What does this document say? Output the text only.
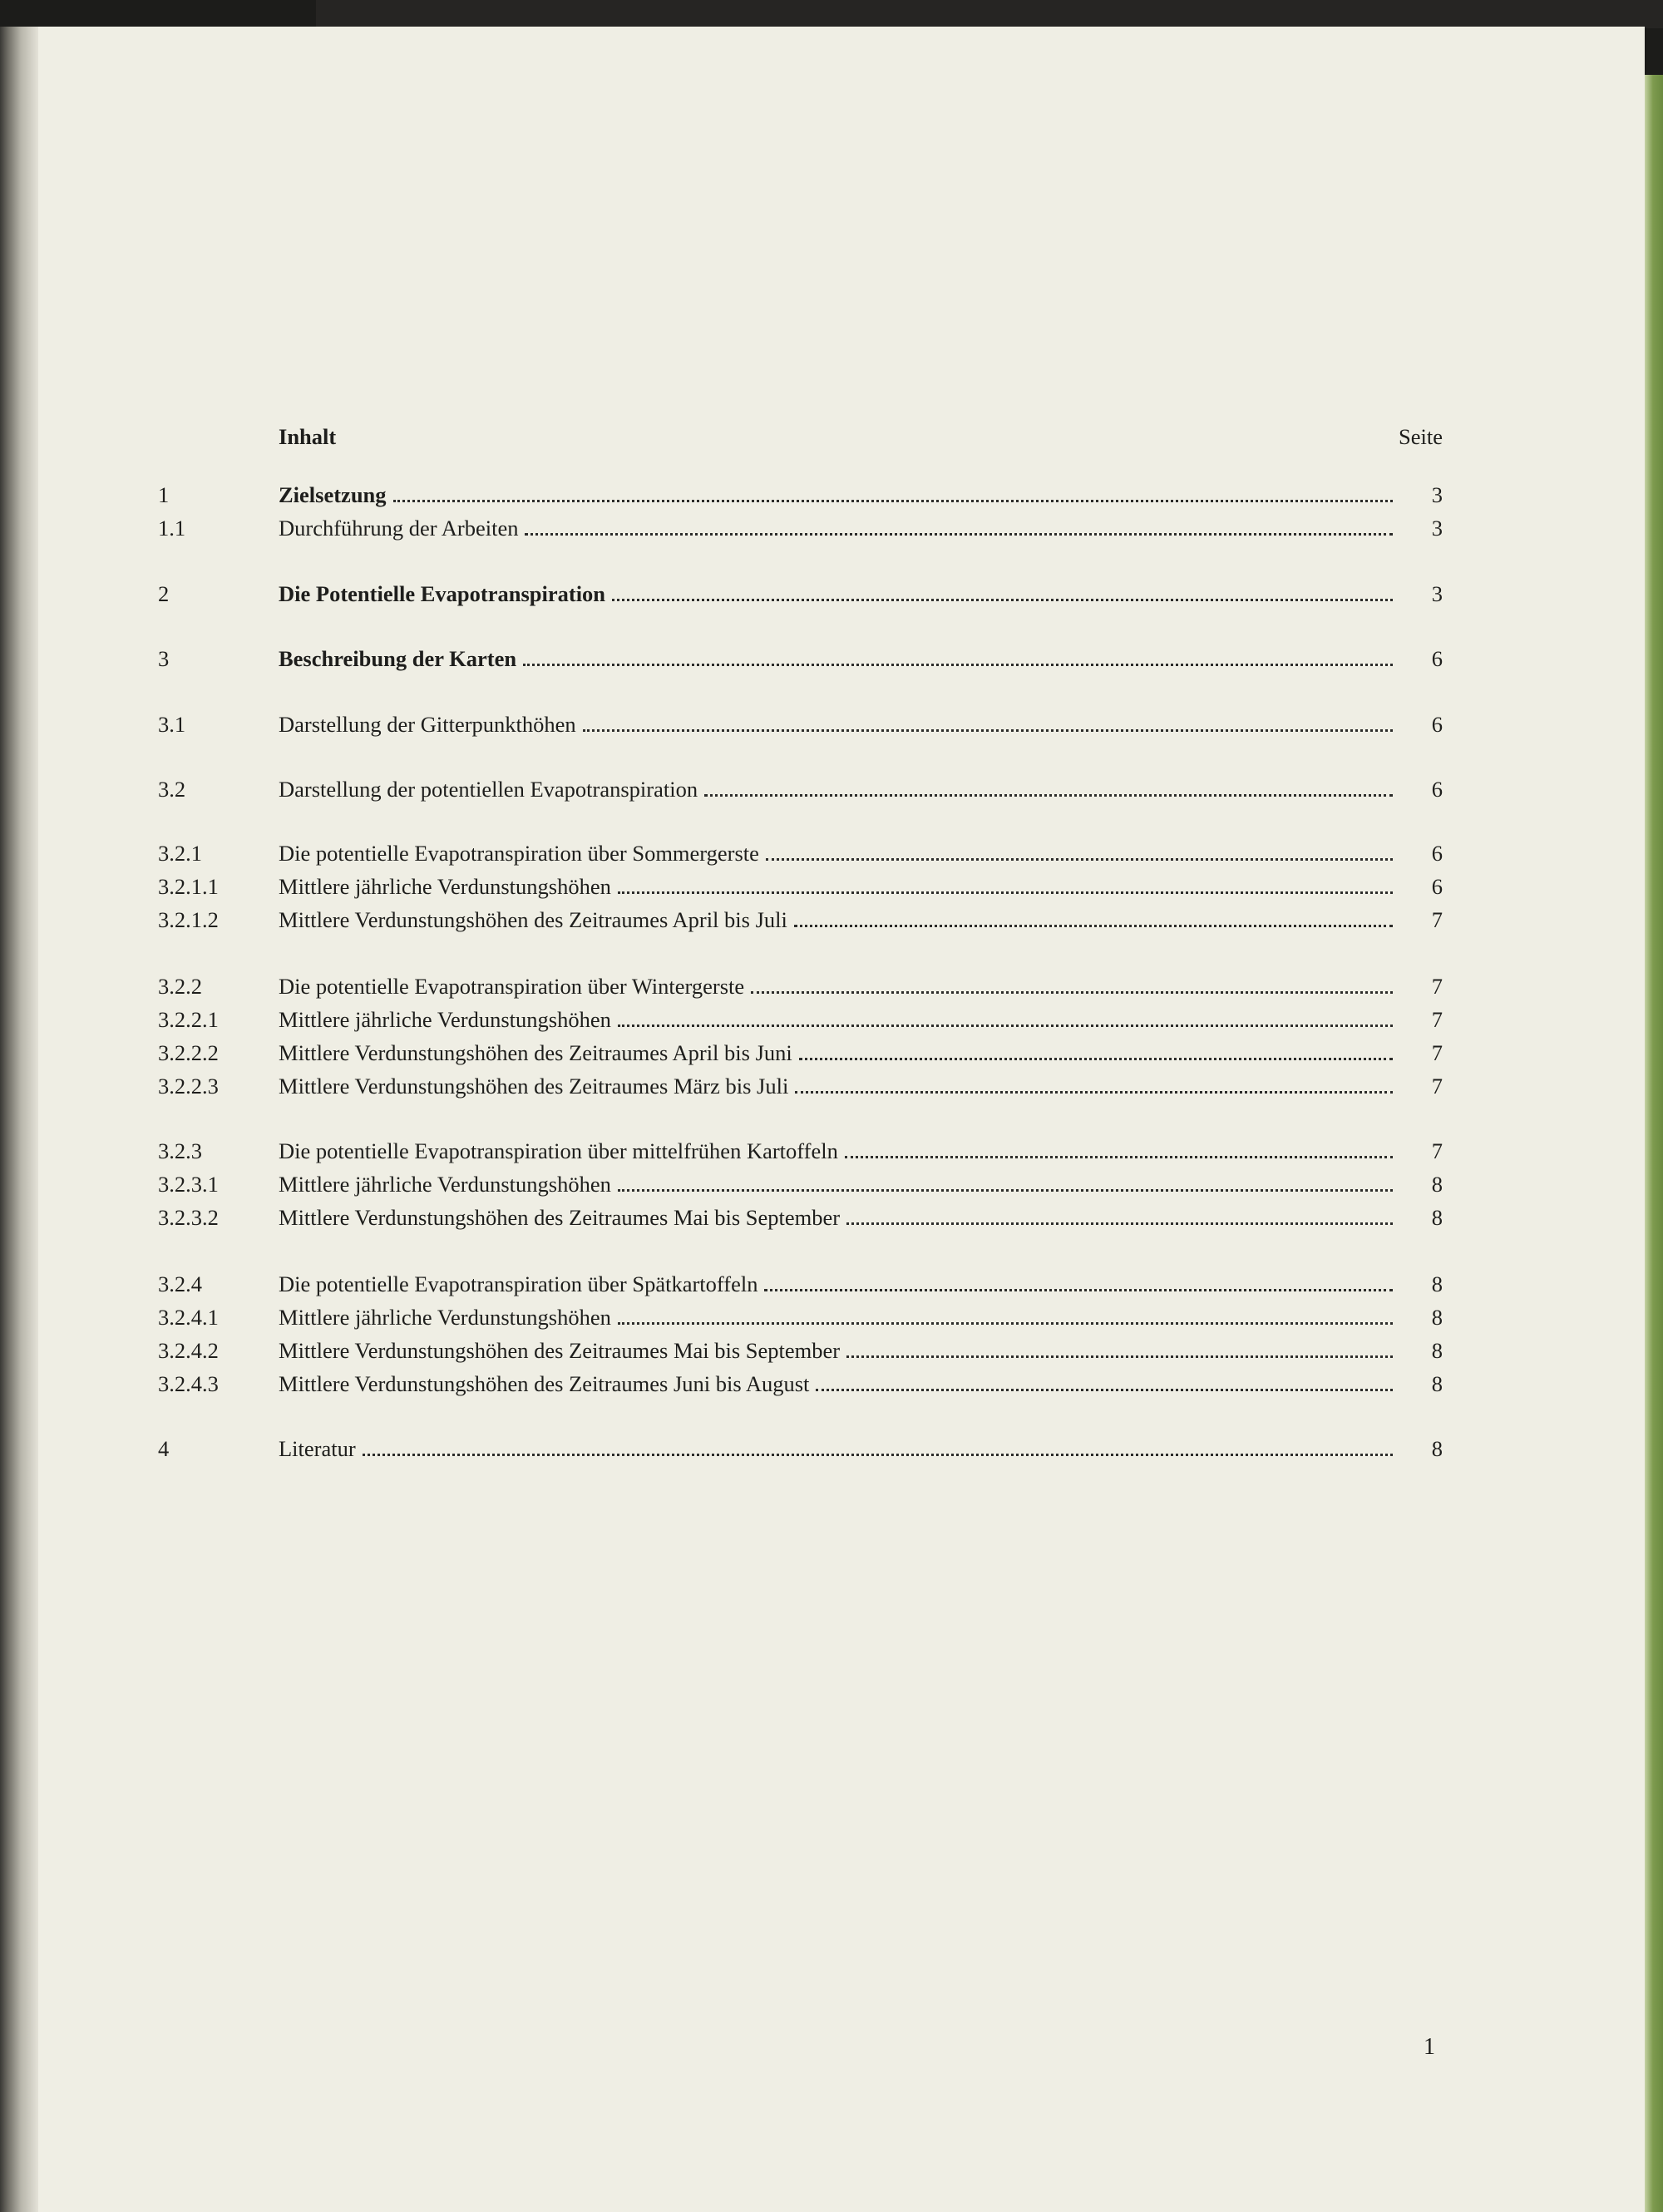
Inhalt	Seite
1	Zielsetzung	3
1.1	Durchführung der Arbeiten	3
2	Die Potentielle Evapotranspiration	3
3	Beschreibung der Karten	6
3.1	Darstellung der Gitterpunkthöhen	6
3.2	Darstellung der potentiellen Evapotranspiration	6
3.2.1	Die potentielle Evapotranspiration über Sommergerste	6
3.2.1.1	Mittlere jährliche Verdunstungshöhen	6
3.2.1.2	Mittlere Verdunstungshöhen des Zeitraumes April bis Juli	7
3.2.2	Die potentielle Evapotranspiration über Wintergerste	7
3.2.2.1	Mittlere jährliche Verdunstungshöhen	7
3.2.2.2	Mittlere Verdunstungshöhen des Zeitraumes April bis Juni	7
3.2.2.3	Mittlere Verdunstungshöhen des Zeitraumes März bis Juli	7
3.2.3	Die potentielle Evapotranspiration über mittelfrühen Kartoffeln	7
3.2.3.1	Mittlere jährliche Verdunstungshöhen	8
3.2.3.2	Mittlere Verdunstungshöhen des Zeitraumes Mai bis September	8
3.2.4	Die potentielle Evapotranspiration über Spätkartoffeln	8
3.2.4.1	Mittlere jährliche Verdunstungshöhen	8
3.2.4.2	Mittlere Verdunstungshöhen des Zeitraumes Mai bis September	8
3.2.4.3	Mittlere Verdunstungshöhen des Zeitraumes Juni bis August	8
4	Literatur	8
1
